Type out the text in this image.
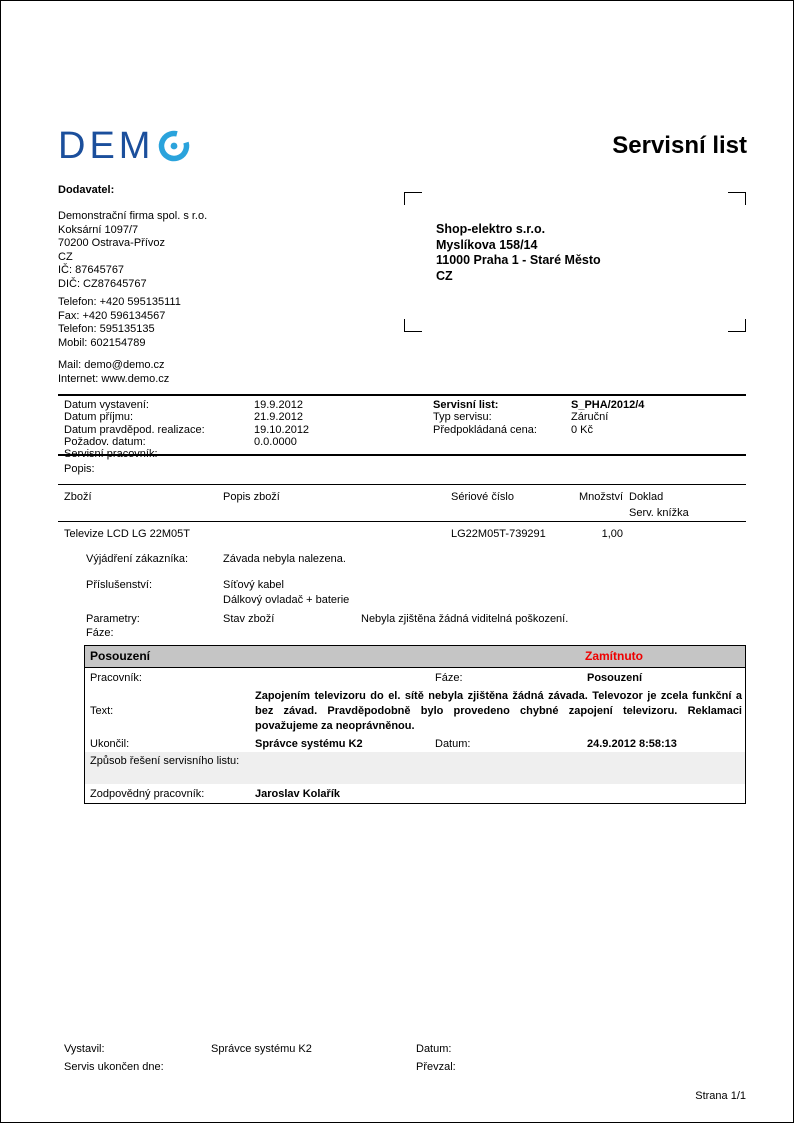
DEM	Servisní list
Dodavatel:
Demonstrační firma spol. s r.o.
Koksární 1097/7
70200 Ostrava-Přívoz
CZ
IČ: 87645767
DIČ: CZ87645767
Telefon: +420 595135111
Fax: +420 596134567
Telefon: 595135135
Mobil: 602154789
Mail: demo@demo.cz
Internet: www.demo.cz
Shop-elektro s.r.o.
Myslíkova 158/14
11000 Praha 1 - Staré Město
CZ
Datum vystavení:	19.9.2012	Servisní list:	S_PHA/2012/4
Datum příjmu:	21.9.2012	Typ servisu:	Záruční
Datum pravděpod. realizace:	19.10.2012	Předpokládaná cena:	0 Kč
Požadov. datum:	0.0.0000
Servisní pracovník:
Popis:
Zboží	Popis zboží	Sériové číslo	Množství Doklad
Serv. knížka
Televize LCD LG 22M05T	LG22M05T-739291	1,00
Výjádření zákazníka:	Závada nebyla nalezena.
Příslušenství:	Síťový kabel
Dálkový ovladač + baterie
Parametry:	Stav zboží	Nebyla zjištěna žádná viditelná poškození.
Fáze:
Posouzení	Zamítnuto
Pracovník:	Fáze:	Posouzení
Text:
Zapojením televizoru do el. sítě nebyla zjištěna žádná závada. Televozor je zcela funkční a bez závad. Pravděpodobně bylo provedeno chybné zapojení televizoru. Reklamaci považujeme za neoprávněnou.
Ukončil:	Správce systému K2	Datum:	24.9.2012 8:58:13
Způsob řešení servisního listu:
Zodpovědný pracovník:	Jaroslav Kolařík
Vystavil:	Správce systému K2	Datum:
Servis ukončen dne:	Převzal:
Strana 1/1
